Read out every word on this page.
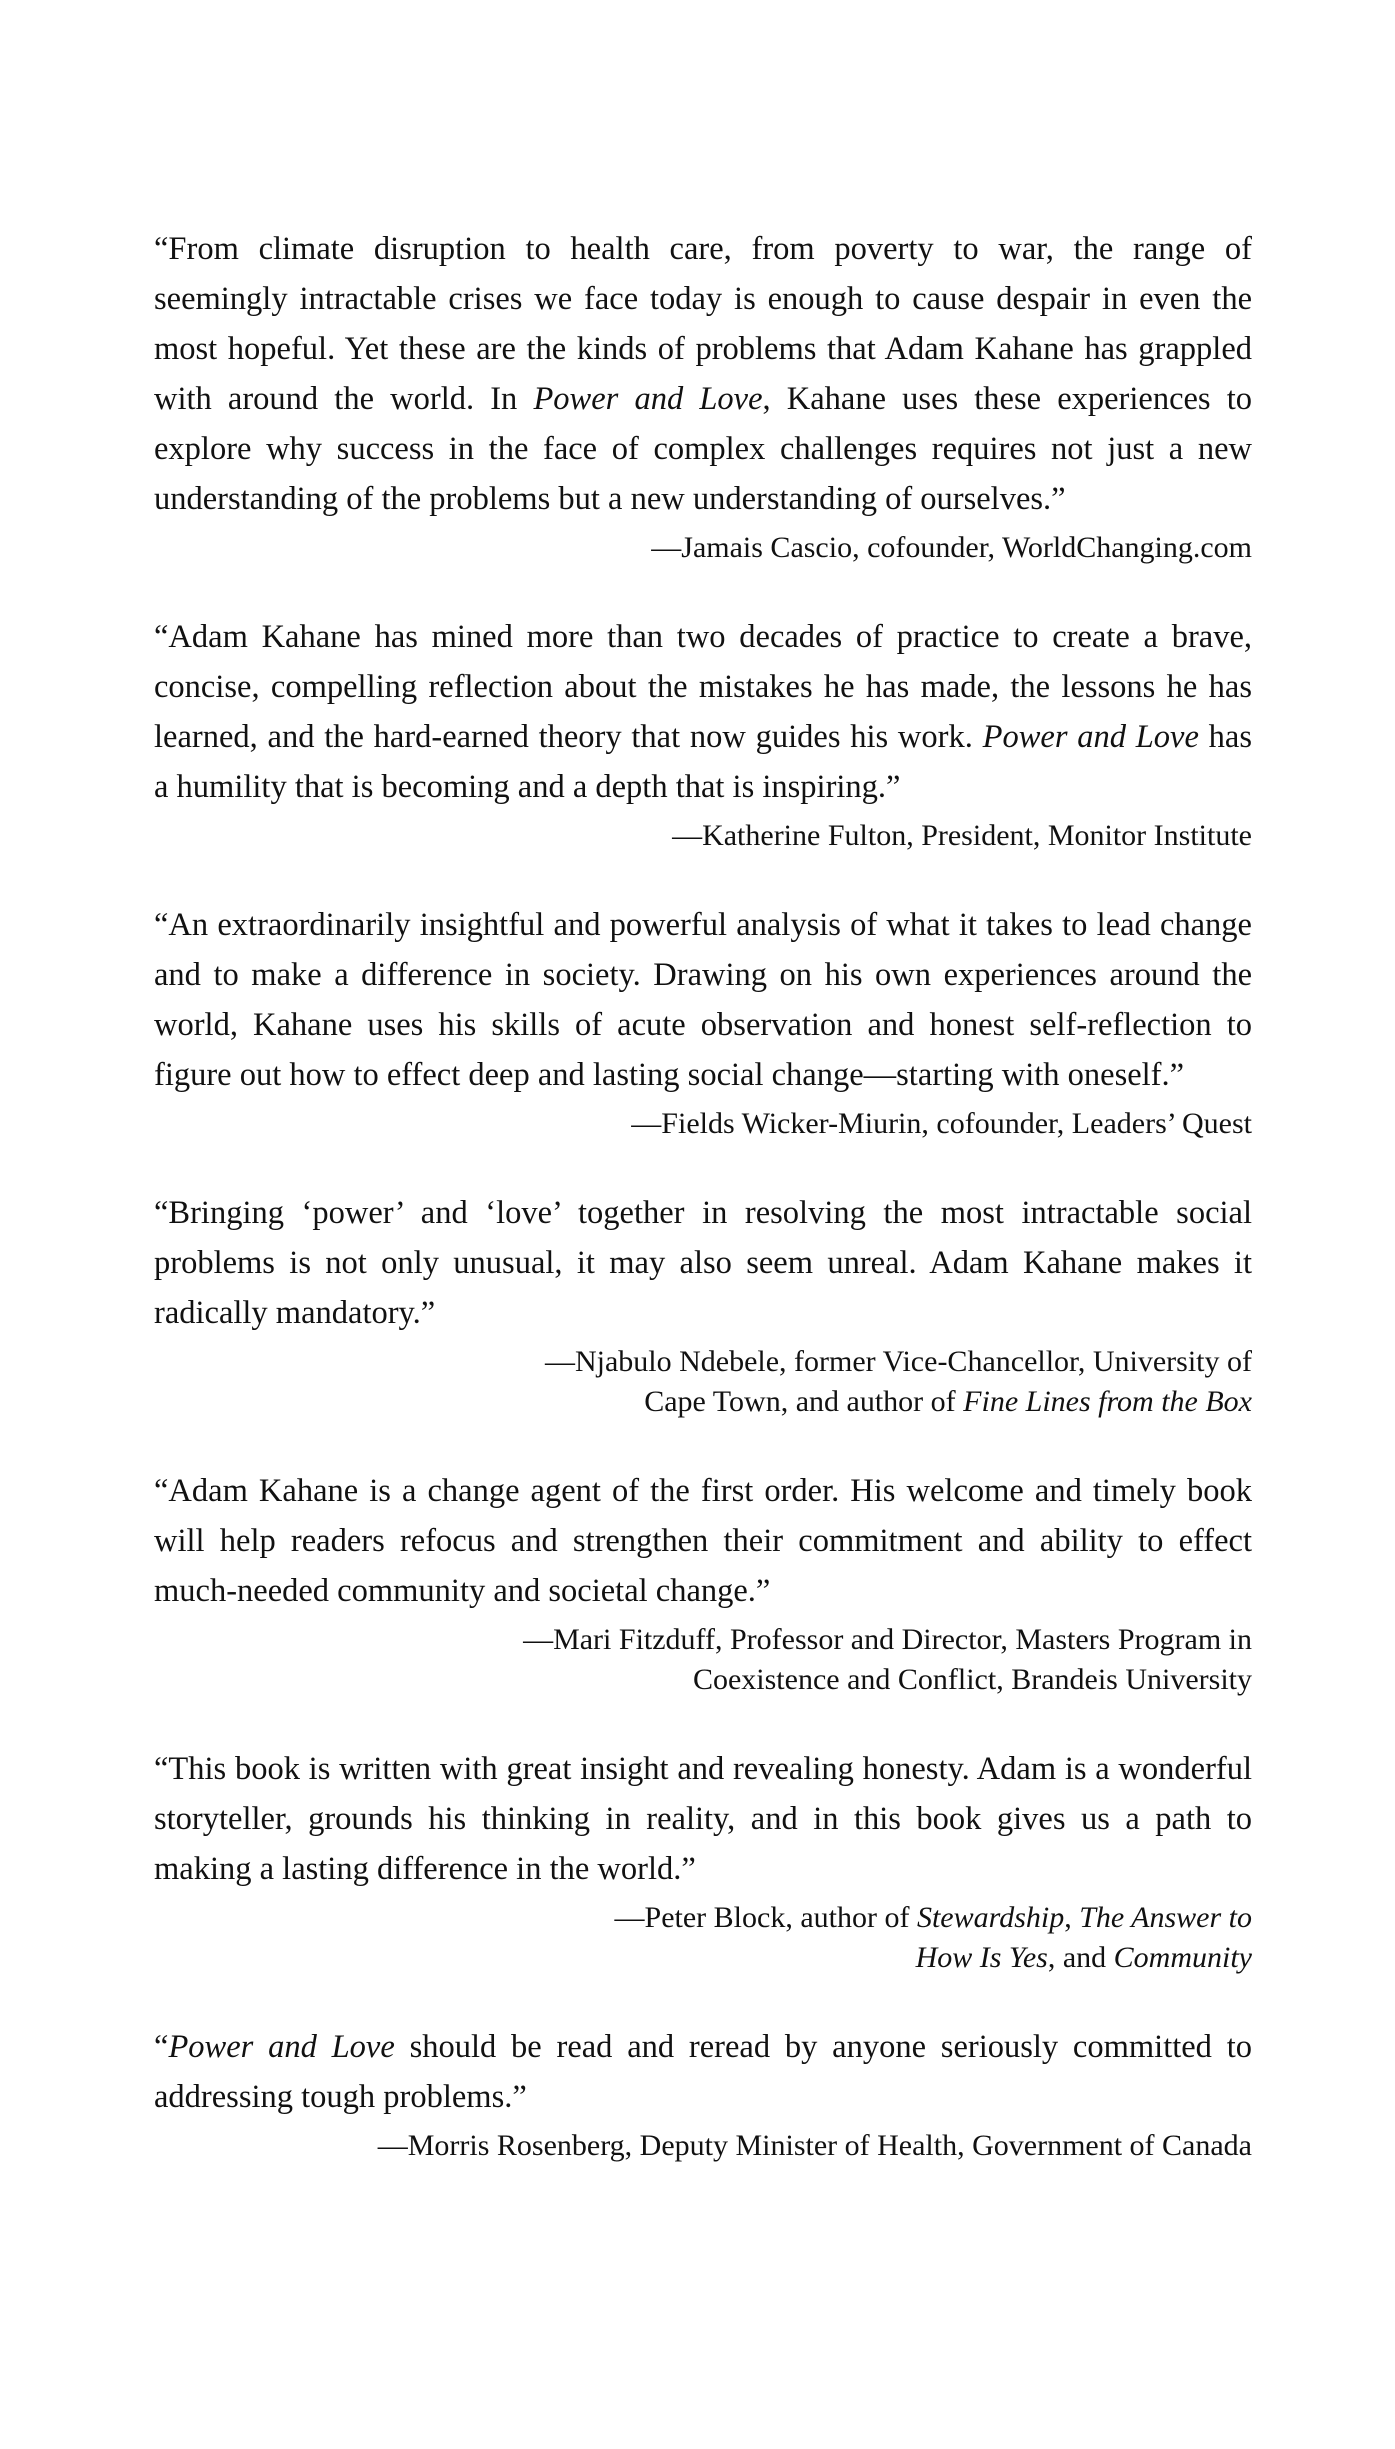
“From climate disruption to health care, from poverty to war, the range of seemingly intractable crises we face today is enough to cause despair in even the most hopeful. Yet these are the kinds of problems that Adam Kahane has grappled with around the world. In Power and Love, Kahane uses these experiences to explore why success in the face of complex challenges requires not just a new understanding of the problems but a new understanding of ourselves.”

—Jamais Cascio, cofounder, WorldChanging.com

“Adam Kahane has mined more than two decades of practice to create a brave, concise, compelling reflection about the mistakes he has made, the lessons he has learned, and the hard-earned theory that now guides his work. Power and Love has a humility that is becoming and a depth that is inspiring.”

—Katherine Fulton, President, Monitor Institute

“An extraordinarily insightful and powerful analysis of what it takes to lead change and to make a difference in society. Drawing on his own experiences around the world, Kahane uses his skills of acute observation and honest self-reflection to figure out how to effect deep and lasting social change—starting with oneself.”

—Fields Wicker-Miurin, cofounder, Leaders’ Quest

“Bringing ‘power’ and ‘love’ together in resolving the most intractable social problems is not only unusual, it may also seem unreal. Adam Kahane makes it radically mandatory.”

—Njabulo Ndebele, former Vice-Chancellor, University of
Cape Town, and author of Fine Lines from the Box

“Adam Kahane is a change agent of the first order. His welcome and timely book will help readers refocus and strengthen their commitment and ability to effect much-needed community and societal change.”

—Mari Fitzduff, Professor and Director, Masters Program in
Coexistence and Conflict, Brandeis University

“This book is written with great insight and revealing honesty. Adam is a wonderful storyteller, grounds his thinking in reality, and in this book gives us a path to making a lasting difference in the world.”

—Peter Block, author of Stewardship, The Answer to
How Is Yes, and Community

“Power and Love should be read and reread by anyone seriously committed to addressing tough problems.”

—Morris Rosenberg, Deputy Minister of Health, Government of Canada
